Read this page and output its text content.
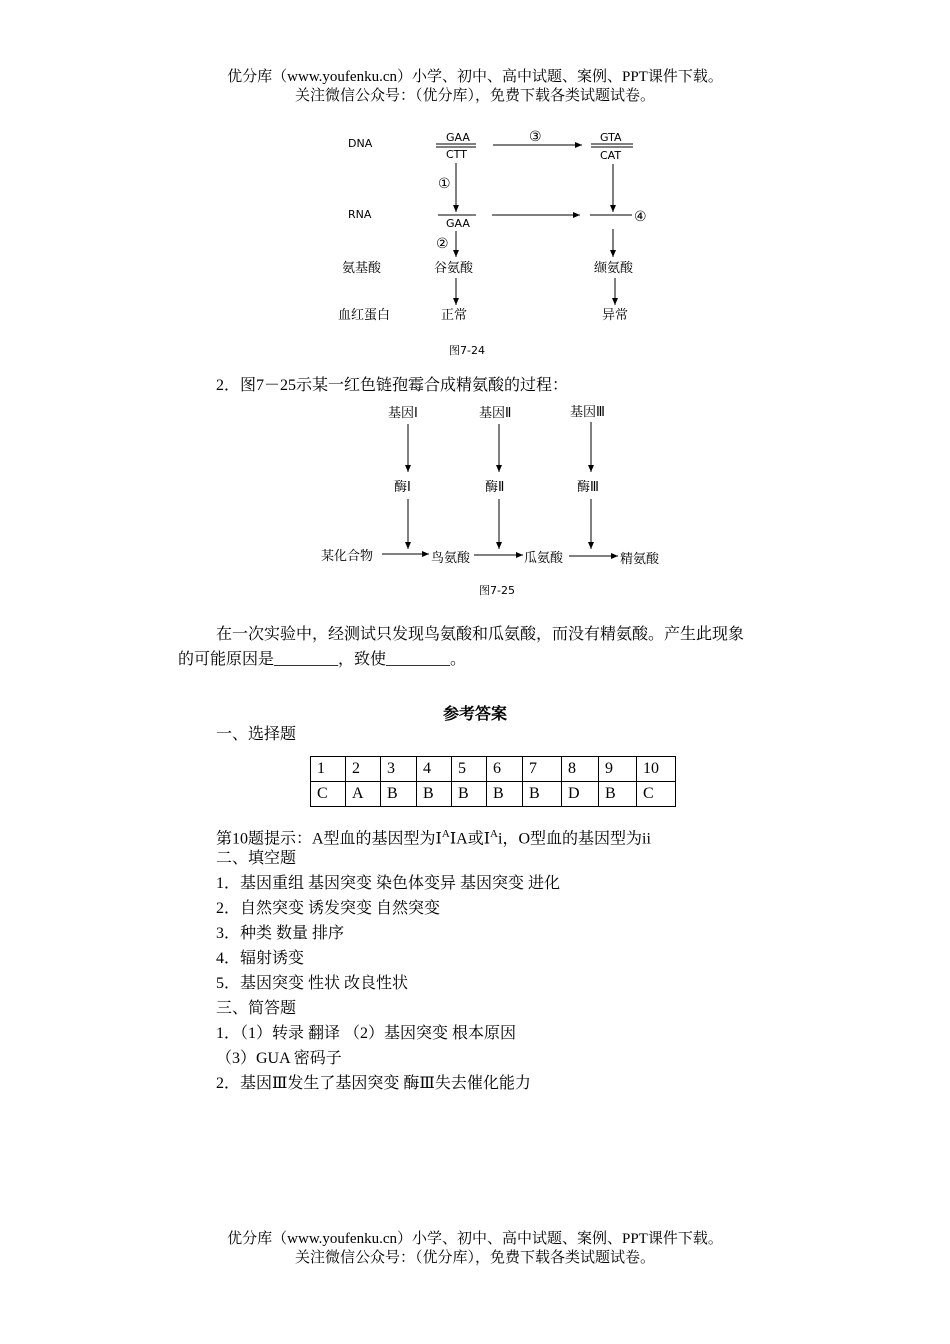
优分库（www.youfenku.cn）小学、初中、高中试题、案例、PPT课件下载。
关注微信公众号：（优分库），免费下载各类试题试卷。
DNA
RNA
氨基酸
血红蛋白
GAA
CTT
③	GTA
CAT
①
GAA	④
②
谷氨酸	缬氨酸
正常	异常
图7-24
2．图7－25示某一红色链孢霉合成精氨酸的过程：
基因Ⅰ	基因Ⅱ	基因Ⅲ
酶Ⅰ	酶Ⅱ	酶Ⅲ
某化合物	鸟氨酸	瓜氨酸	精氨酸
图7-25
在一次实验中，经测试只发现鸟氨酸和瓜氨酸，而没有精氨酸。产生此现象
的可能原因是________，致使________。
参考答案
一、选择题
1	2	3	4	5	6	7	8	9	10
C	A	B	B	B	B	B	D	B	C
第10题提示：A型血的基因型为Ⅰ$^A$ⅠA或Ⅰ$^A$i，O型血的基因型为ii
二、填空题
1．基因重组 基因突变 染色体变异 基因突变 进化
2．自然突变 诱发突变 自然突变
3．种类 数量 排序
4．辐射诱变
5．基因突变 性状 改良性状
三、简答题
1．（1）转录 翻译 （2）基因突变 根本原因
（3）GUA 密码子
2．基因Ⅲ发生了基因突变 酶Ⅲ失去催化能力
优分库（www.youfenku.cn）小学、初中、高中试题、案例、PPT课件下载。
关注微信公众号：（优分库），免费下载各类试题试卷。
